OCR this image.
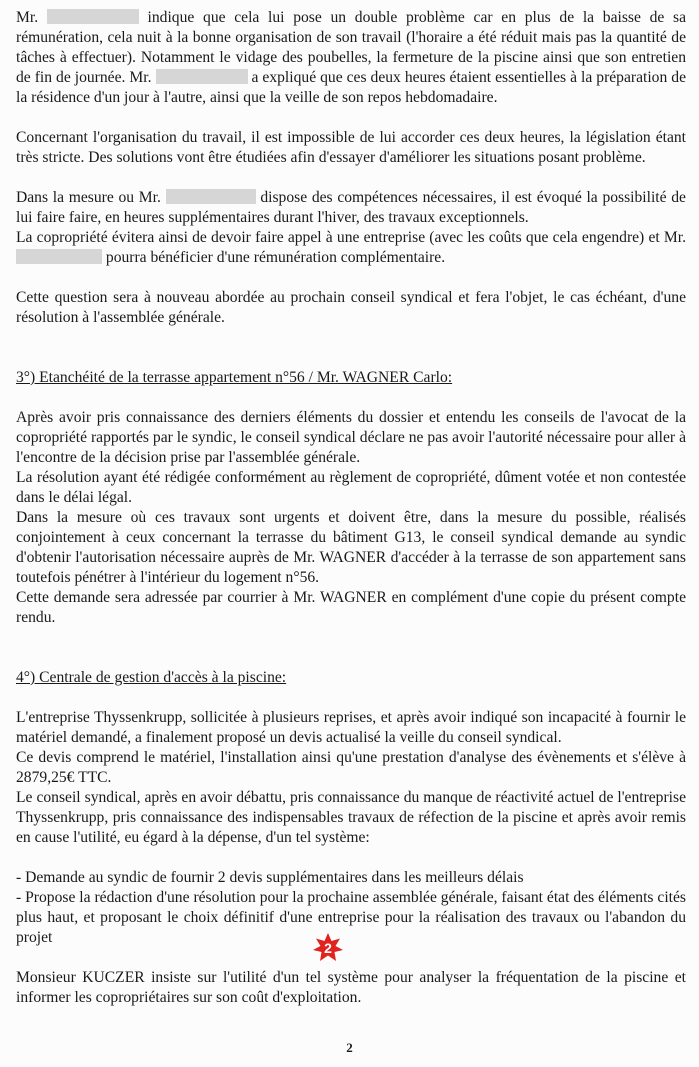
Mr.	indique que cela lui pose un double problème car en plus de la baisse de sa rémunération, cela nuit à la bonne organisation de son travail (l'horaire a été réduit mais pas la quantité de tâches à effectuer). Notamment le vidage des poubelles, la fermeture de la piscine ainsi que son entretien de fin de journée. Mr.	a expliqué que ces deux heures étaient essentielles à la préparation de la résidence d'un jour à l'autre, ainsi que la veille de son repos hebdomadaire.

Concernant l'organisation du travail, il est impossible de lui accorder ces deux heures, la législation étant très stricte. Des solutions vont être étudiées afin d'essayer d'améliorer les situations posant problème.

Dans la mesure ou Mr.	dispose des compétences nécessaires, il est évoqué la possibilité de lui faire faire, en heures supplémentaires durant l'hiver, des travaux exceptionnels.

La copropriété évitera ainsi de devoir faire appel à une entreprise (avec les coûts que cela engendre) et Mr.  pourra bénéficier d'une rémunération complémentaire.

Cette question sera à nouveau abordée au prochain conseil syndical et fera l'objet, le cas échéant, d'une résolution à l'assemblée générale.

3°) Etanchéité de la terrasse appartement n°56 / Mr. WAGNER Carlo:

Après avoir pris connaissance des derniers éléments du dossier et entendu les conseils de l'avocat de la copropriété rapportés par le syndic, le conseil syndical déclare ne pas avoir l'autorité nécessaire pour aller à l'encontre de la décision prise par l'assemblée générale.

La résolution ayant été rédigée conformément au règlement de copropriété, dûment votée et non contestée dans le délai légal.

Dans la mesure où ces travaux sont urgents et doivent être, dans la mesure du possible, réalisés conjointement à ceux concernant la terrasse du bâtiment G13, le conseil syndical demande au syndic d'obtenir l'autorisation nécessaire auprès de Mr. WAGNER d'accéder à la terrasse de son appartement sans toutefois pénétrer à l'intérieur du logement n°56.

Cette demande sera adressée par courrier à Mr. WAGNER en complément d'une copie du présent compte rendu.

4°) Centrale de gestion d'accès à la piscine:

L'entreprise Thyssenkrupp, sollicitée à plusieurs reprises, et après avoir indiqué son incapacité à fournir le matériel demandé, a finalement proposé un devis actualisé la veille du conseil syndical.

Ce devis comprend le matériel, l'installation ainsi qu'une prestation d'analyse des évènements et s'élève à 2879,25€ TTC.

Le conseil syndical, après en avoir débattu, pris connaissance du manque de réactivité actuel de l'entreprise Thyssenkrupp, pris connaissance des indispensables travaux de réfection de la piscine et après avoir remis en cause l'utilité, eu égard à la dépense, d'un tel système:

- Demande au syndic de fournir 2 devis supplémentaires dans les meilleurs délais

- Propose la rédaction d'une résolution pour la prochaine assemblée générale, faisant état des éléments cités plus haut, et proposant le choix définitif d'une entreprise pour la réalisation des travaux ou l'abandon du projet

Monsieur KUCZER insiste sur l'utilité d'un tel système pour analyser la fréquentation de la piscine et informer les copropriétaires sur son coût d'exploitation.

2
2
